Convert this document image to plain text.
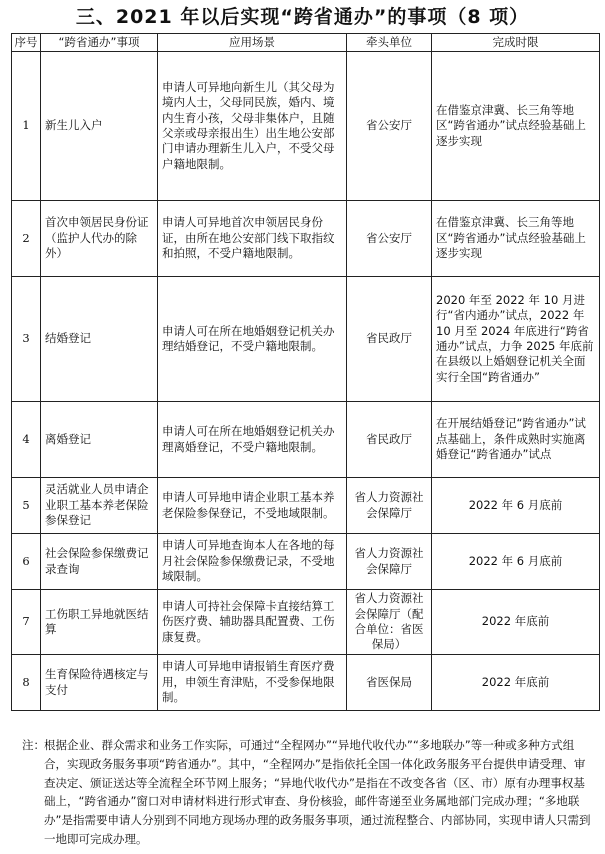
三、2021 年以后实现“跨省通办”的事项（8 项）
序号	“跨省通办”事项	应用场景	牵头单位	完成时限
1	新生儿入户	申请人可异地向新生儿（其父母为境内人士，父母同民族，婚内、境内生育小孩，父母非集体户，且随父亲或母亲报出生）出生地公安部门申请办理新生儿入户，不受父母户籍地限制。	省公安厅	在借鉴京津冀、长三角等地区“跨省通办”试点经验基础上逐步实现
2	首次申领居民身份证（监护人代办的除外）	申请人可异地首次申领居民身份证，由所在地公安部门线下取指纹和拍照，不受户籍地限制。	省公安厅	在借鉴京津冀、长三角等地区“跨省通办”试点经验基础上逐步实现
3	结婚登记	申请人可在所在地婚姻登记机关办理结婚登记，不受户籍地限制。	省民政厅	2020 年至 2022 年 10 月进行“省内通办”试点，2022 年 10 月至 2024 年底进行“跨省通办”试点，力争 2025 年底前在县级以上婚姻登记机关全面实行全国“跨省通办”
4	离婚登记	申请人可在所在地婚姻登记机关办理离婚登记，不受户籍地限制。	省民政厅	在开展结婚登记“跨省通办”试点基础上，条件成熟时实施离婚登记“跨省通办”试点
5	灵活就业人员申请企业职工基本养老保险参保登记	申请人可异地申请企业职工基本养老保险参保登记，不受地域限制。	省人力资源社会保障厅	2022 年 6 月底前
6	社会保险参保缴费记录查询	申请人可异地查询本人在各地的每月社会保险参保缴费记录，不受地域限制。	省人力资源社会保障厅	2022 年 6 月底前
7	工伤职工异地就医结算	申请人可持社会保障卡直接结算工伤医疗费、辅助器具配置费、工伤康复费。	省人力资源社会保障厅（配合单位：省医保局）	2022 年底前
8	生育保险待遇核定与支付	申请人可异地申请报销生育医疗费用，申领生育津贴，不受参保地限制。	省医保局	2022 年底前
注： 根据企业、群众需求和业务工作实际，可通过“全程网办”“异地代收代办”“多地联办”等一种或多种方式组合，实现政务服务事项“跨省通办”。其中，“全程网办”是指依托全国一体化政务服务平台提供申请受理、审查决定、颁证送达等全流程全环节网上服务；“异地代收代办”是指在不改变各省（区、市）原有办理事权基础上，“跨省通办”窗口对申请材料进行形式审查、身份核验，邮件寄递至业务属地部门完成办理；“多地联办”是指需要申请人分别到不同地方现场办理的政务服务事项，通过流程整合、内部协同，实现申请人只需到一地即可完成办理。
